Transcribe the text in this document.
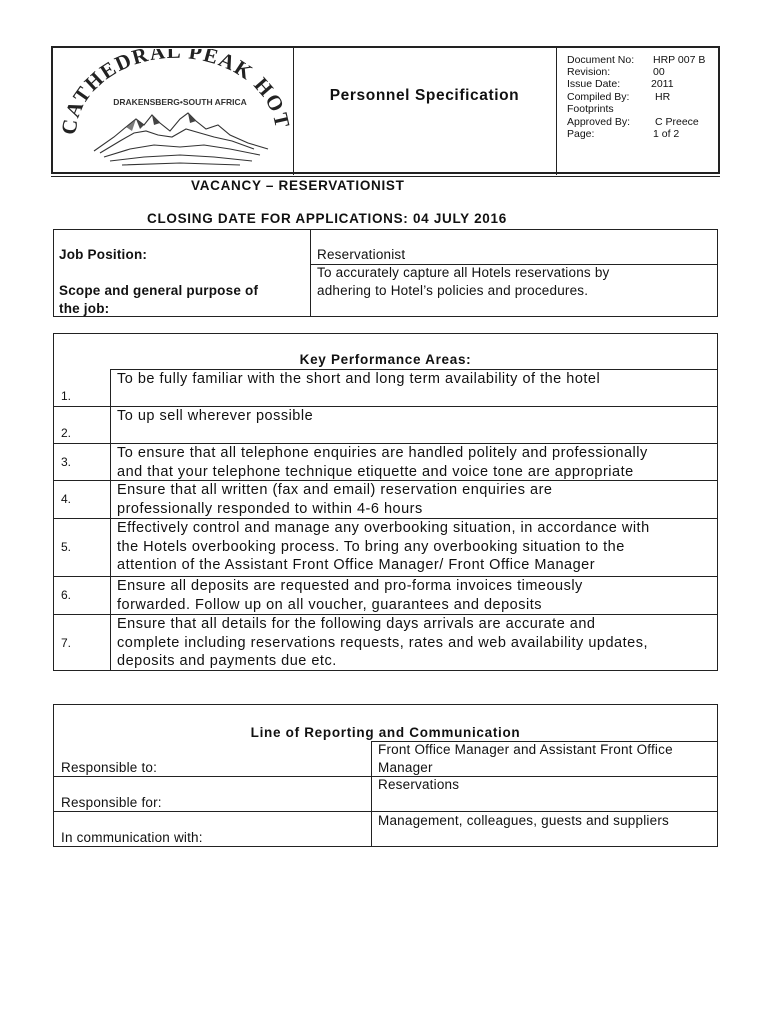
CATHEDRAL PEAK HO
DRAKENSBERG•SOUTH AFRICA	Personnel Specification
Document No: HRP 007 B
Revision:	00
Issue Date:	2011
Compiled By: HR
Footprints
Approved By: C Preece
Page:	1 of 2
VACANCY – RESERVATIONIST
CLOSING DATE FOR APPLICATIONS: 04 JULY 2016
Job Position:	Reservationist
Scope and general purpose of
the job:
To accurately capture all Hotels reservations by
adhering to Hotel’s policies and procedures.
Key Performance Areas:
1.
To be fully familiar with the short and long term availability of the hotel
2.
To up sell wherever possible
3.
To ensure that all telephone enquiries are handled politely and professionally
and that your telephone technique etiquette and voice tone are appropriate
4.
Ensure that all written (fax and email) reservation enquiries are
professionally responded to within 4-6 hours
5.
Effectively control and manage any overbooking situation, in accordance with
the Hotels overbooking process. To bring any overbooking situation to the
attention of the Assistant Front Office Manager/ Front Office Manager
6.
Ensure all deposits are requested and pro-forma invoices timeously
forwarded. Follow up on all voucher, guarantees and deposits
7.
Ensure that all details for the following days arrivals are accurate and
complete including reservations requests, rates and web availability updates,
deposits and payments due etc.
Line of Reporting and Communication
Responsible to:
Front Office Manager and Assistant Front Office
Manager
Responsible for:
Reservations
In communication with:
Management, colleagues, guests and suppliers
